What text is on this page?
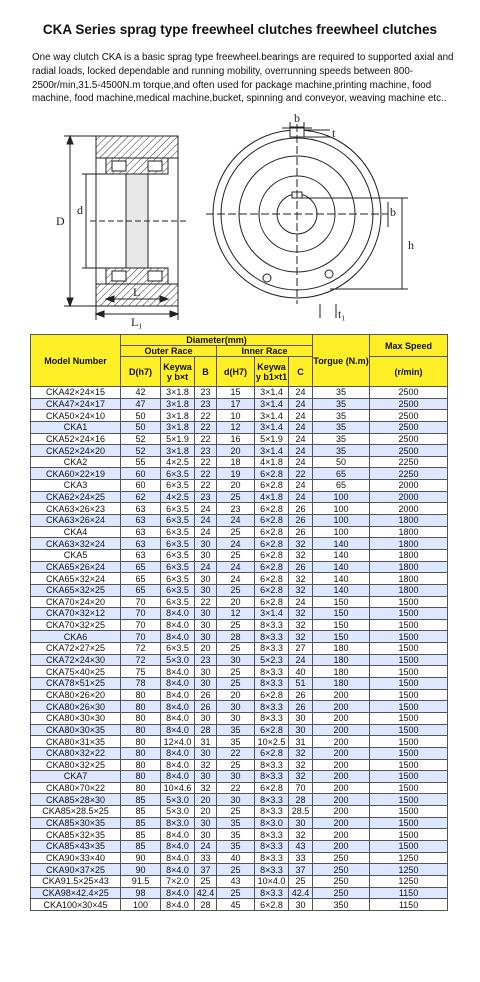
CKA Series sprag type freewheel clutches freewheel clutches
One way clutch CKA is a basic sprag type freewheel.bearings are required to supported axial and radial loads, locked dependable and running mobility, overrunning speeds between 800-2500r/min,31.5-4500N.m torque,and often used for package machine,printing machine, food machine, food machine,medical machine,bucket, spinning and conveyor, weaving machine etc..
D
d
L
L₁
b
t
h
b
t₁
Model Number	Diameter(mm)						Torgue (N.m)	Max Speed
	Outer Race			Inner Race				
	D(h7)	Keyway b×t	B	d(H7)	Keyway b1×t1	C		(r/min)
CKA42×24×15	42	3×1.8	23	15	3×1.4	24	35	2500
CKA47×24×17	47	3×1.8	23	17	3×1.4	24	35	2500
CKA50×24×10	50	3×1.8	22	10	3×1.4	24	35	2500
CKA1	50	3×1.8	22	12	3×1.4	24	35	2500
CKA52×24×16	52	5×1.9	22	16	5×1.9	24	35	2500
CKA52×24×20	52	3×1.8	23	20	3×1.4	24	35	2500
CKA2	55	4×2.5	22	18	4×1.8	24	50	2250
CKA60×22×19	60	6×3.5	22	19	6×2.8	22	65	2250
CKA3	60	6×3.5	22	20	6×2.8	24	65	2000
CKA62×24×25	62	4×2.5	23	25	4×1.8	24	100	2000
CKA63×26×23	63	6×3.5	24	23	6×2.8	26	100	2000
CKA63×26×24	63	6×3.5	24	24	6×2.8	26	100	1800
CKA4	63	6×3.5	24	25	6×2.8	26	100	1800
CKA63×32×24	63	6×3.5	30	24	6×2.8	32	140	1800
CKA5	63	6×3.5	30	25	6×2.8	32	140	1800
CKA65×26×24	65	6×3.5	24	24	6×2.8	26	140	1800
CKA65×32×24	65	6×3.5	30	24	6×2.8	32	140	1800
CKA65×32×25	65	6×3.5	30	25	6×2.8	32	140	1800
CKA70×24×20	70	6×3.5	22	20	6×2.8	24	150	1500
CKA70×32×12	70	8×4.0	30	12	3×1.4	32	150	1500
CKA70×32×25	70	8×4.0	30	25	8×3.3	32	150	1500
CKA6	70	8×4.0	30	28	8×3.3	32	150	1500
CKA72×27×25	72	6×3.5	20	25	8×3.3	27	180	1500
CKA72×24×30	72	5×3.0	23	30	5×2.3	24	180	1500
CKA75×40×25	75	8×4.0	30	25	8×3.3	40	180	1500
CKA78×51×25	78	8×4.0	30	25	8×3.3	51	180	1500
CKA80×26×20	80	8×4.0	26	20	6×2.8	26	200	1500
CKA80×26×30	80	8×4.0	26	30	8×3.3	26	200	1500
CKA80×30×30	80	8×4.0	30	30	8×3.3	30	200	1500
CKA80×30×35	80	8×4.0	28	35	6×2.8	30	200	1500
CKA80×31×35	80	12×4.0	31	35	10×2.5	31	200	1500
CKA80×32×22	80	8×4.0	30	22	6×2.8	32	200	1500
CKA80×32×25	80	8×4.0	32	25	8×3.3	32	200	1500
CKA7	80	8×4.0	30	30	8×3.3	32	200	1500
CKA80×70×22	80	10×4.6	32	22	6×2.8	70	200	1500
CKA85×28×30	85	5×3.0	20	30	8×3.3	28	200	1500
CKA85×28.5×25	85	5×3.0	20	25	8×3.3	28.5	200	1500
CKA85×30×35	85	8×3.0	30	35	8×3.0	30	200	1500
CKA85×32×35	85	8×4.0	30	35	8×3.3	32	200	1500
CKA85×43×35	85	8×4.0	24	35	8×3.3	43	200	1500
CKA90×33×40	90	8×4.0	33	40	8×3.3	33	250	1250
CKA90×37×25	90	8×4.0	37	25	8×3.3	37	250	1250
CKA91.5×25×43	91.5	7×2.0	25	43	10×4.0	25	250	1250
CKA98×42.4×25	98	8×4.0	42.4	25	8×3.3	42.4	250	1150
CKA100×30×45	100	8×4.0	28	45	6×2.8	30	350	1150
